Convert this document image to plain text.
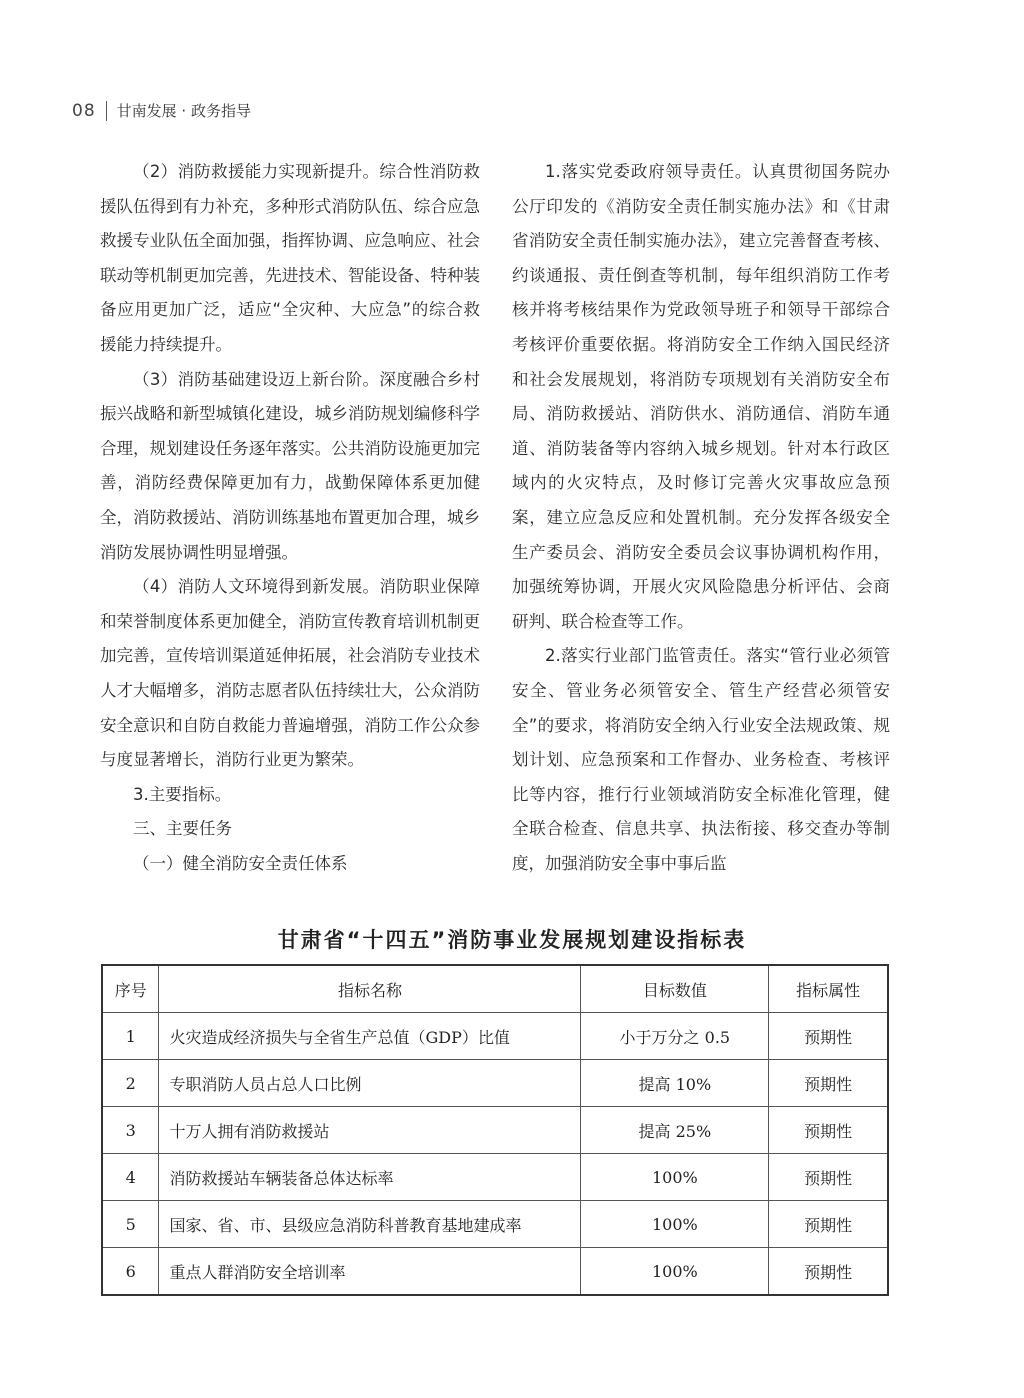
08 甘南发展 · 政务指导

（2）消防救援能力实现新提升。综合性消防救援队伍得到有力补充，多种形式消防队伍、综合应急救援专业队伍全面加强，指挥协调、应急响应、社会联动等机制更加完善，先进技术、智能设备、特种装备应用更加广泛，适应“全灾种、大应急”的综合救援能力持续提升。

（3）消防基础建设迈上新台阶。深度融合乡村振兴战略和新型城镇化建设，城乡消防规划编修科学合理，规划建设任务逐年落实。公共消防设施更加完善，消防经费保障更加有力，战勤保障体系更加健全，消防救援站、消防训练基地布置更加合理，城乡消防发展协调性明显增强。

（4）消防人文环境得到新发展。消防职业保障和荣誉制度体系更加健全，消防宣传教育培训机制更加完善，宣传培训渠道延伸拓展，社会消防专业技术人才大幅增多，消防志愿者队伍持续壮大，公众消防安全意识和自防自救能力普遍增强，消防工作公众参与度显著增长，消防行业更为繁荣。

3.主要指标。

三、主要任务

（一）健全消防安全责任体系

1.落实党委政府领导责任。认真贯彻国务院办公厅印发的《消防安全责任制实施办法》和《甘肃省消防安全责任制实施办法》，建立完善督查考核、约谈通报、责任倒查等机制，每年组织消防工作考核并将考核结果作为党政领导班子和领导干部综合考核评价重要依据。将消防安全工作纳入国民经济和社会发展规划，将消防专项规划有关消防安全布局、消防救援站、消防供水、消防通信、消防车通道、消防装备等内容纳入城乡规划。针对本行政区域内的火灾特点，及时修订完善火灾事故应急预案，建立应急反应和处置机制。充分发挥各级安全生产委员会、消防安全委员会议事协调机构作用，加强统筹协调，开展火灾风险隐患分析评估、会商研判、联合检查等工作。

2.落实行业部门监管责任。落实“管行业必须管安全、管业务必须管安全、管生产经营必须管安全”的要求，将消防安全纳入行业安全法规政策、规划计划、应急预案和工作督办、业务检查、考核评比等内容，推行行业领域消防安全标准化管理，健全联合检查、信息共享、执法衔接、移交查办等制度，加强消防安全事中事后监

甘肃省“十四五”消防事业发展规划建设指标表
序号	指标名称	目标数值	指标属性
1	火灾造成经济损失与全省生产总值（GDP）比值	小于万分之 0.5	预期性
2	专职消防人员占总人口比例	提高 10%	预期性
3	十万人拥有消防救援站	提高 25%	预期性
4	消防救援站车辆装备总体达标率	100%	预期性
5	国家、省、市、县级应急消防科普教育基地建成率	100%	预期性
6	重点人群消防安全培训率	100%	预期性
